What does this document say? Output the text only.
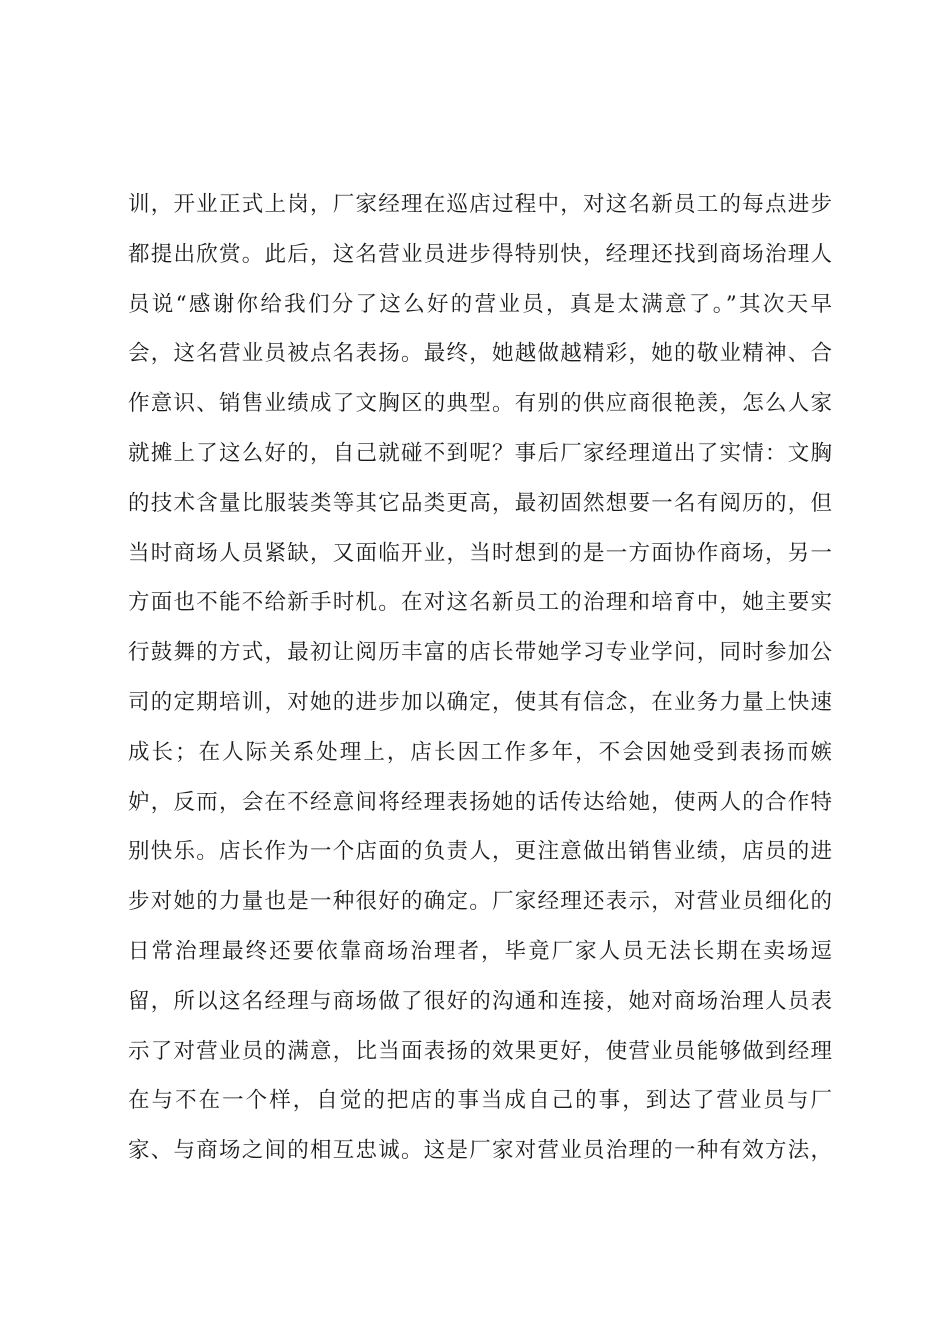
训，开业正式上岗，厂家经理在巡店过程中，对这名新员工的每点进步
都提出欣赏。此后，这名营业员进步得特别快，经理还找到商场治理人
员说“感谢你给我们分了这么好的营业员，真是太满意了。”其次天早
会，这名营业员被点名表扬。最终，她越做越精彩，她的敬业精神、合
作意识、销售业绩成了文胸区的典型。有别的供应商很艳羡，怎么人家
就摊上了这么好的，自己就碰不到呢？事后厂家经理道出了实情：文胸
的技术含量比服装类等其它品类更高，最初固然想要一名有阅历的，但
当时商场人员紧缺，又面临开业，当时想到的是一方面协作商场，另一
方面也不能不给新手时机。在对这名新员工的治理和培育中，她主要实
行鼓舞的方式，最初让阅历丰富的店长带她学习专业学问，同时参加公
司的定期培训，对她的进步加以确定，使其有信念，在业务力量上快速
成长；在人际关系处理上，店长因工作多年，不会因她受到表扬而嫉
妒，反而，会在不经意间将经理表扬她的话传达给她，使两人的合作特
别快乐。店长作为一个店面的负责人，更注意做出销售业绩，店员的进
步对她的力量也是一种很好的确定。厂家经理还表示，对营业员细化的
日常治理最终还要依靠商场治理者，毕竟厂家人员无法长期在卖场逗
留，所以这名经理与商场做了很好的沟通和连接，她对商场治理人员表
示了对营业员的满意，比当面表扬的效果更好，使营业员能够做到经理
在与不在一个样，自觉的把店的事当成自己的事，到达了营业员与厂
家、与商场之间的相互忠诚。这是厂家对营业员治理的一种有效方法，
